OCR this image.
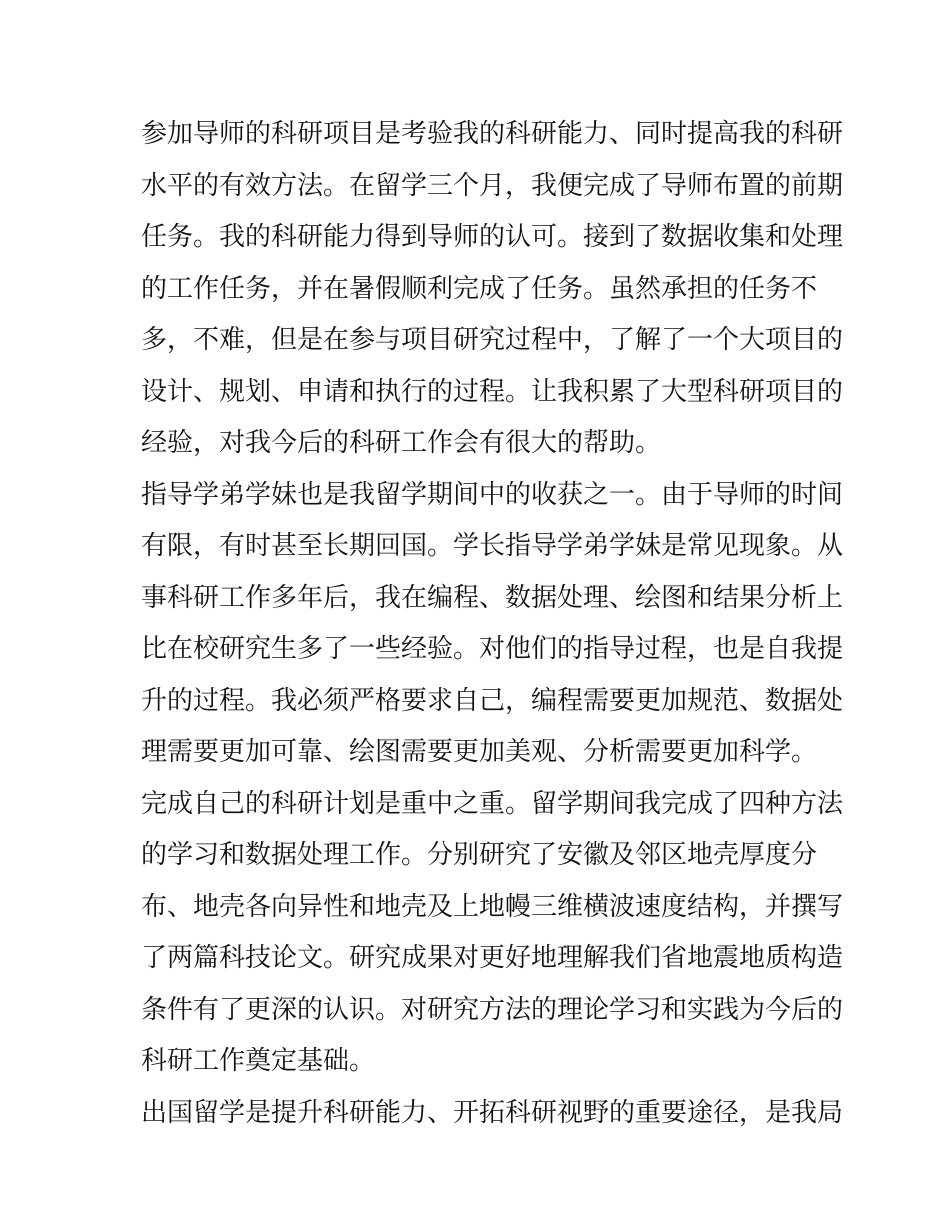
参加导师的科研项目是考验我的科研能力、同时提高我的科研
水平的有效方法。在留学三个月，我便完成了导师布置的前期
任务。我的科研能力得到导师的认可。接到了数据收集和处理
的工作任务，并在暑假顺利完成了任务。虽然承担的任务不
多，不难，但是在参与项目研究过程中，了解了一个大项目的
设计、规划、申请和执行的过程。让我积累了大型科研项目的
经验，对我今后的科研工作会有很大的帮助。
指导学弟学妹也是我留学期间中的收获之一。由于导师的时间
有限，有时甚至长期回国。学长指导学弟学妹是常见现象。从
事科研工作多年后，我在编程、数据处理、绘图和结果分析上
比在校研究生多了一些经验。对他们的指导过程，也是自我提
升的过程。我必须严格要求自己，编程需要更加规范、数据处
理需要更加可靠、绘图需要更加美观、分析需要更加科学。
完成自己的科研计划是重中之重。留学期间我完成了四种方法
的学习和数据处理工作。分别研究了安徽及邻区地壳厚度分
布、地壳各向异性和地壳及上地幔三维横波速度结构，并撰写
了两篇科技论文。研究成果对更好地理解我们省地震地质构造
条件有了更深的认识。对研究方法的理论学习和实践为今后的
科研工作奠定基础。
出国留学是提升科研能力、开拓科研视野的重要途径，是我局
